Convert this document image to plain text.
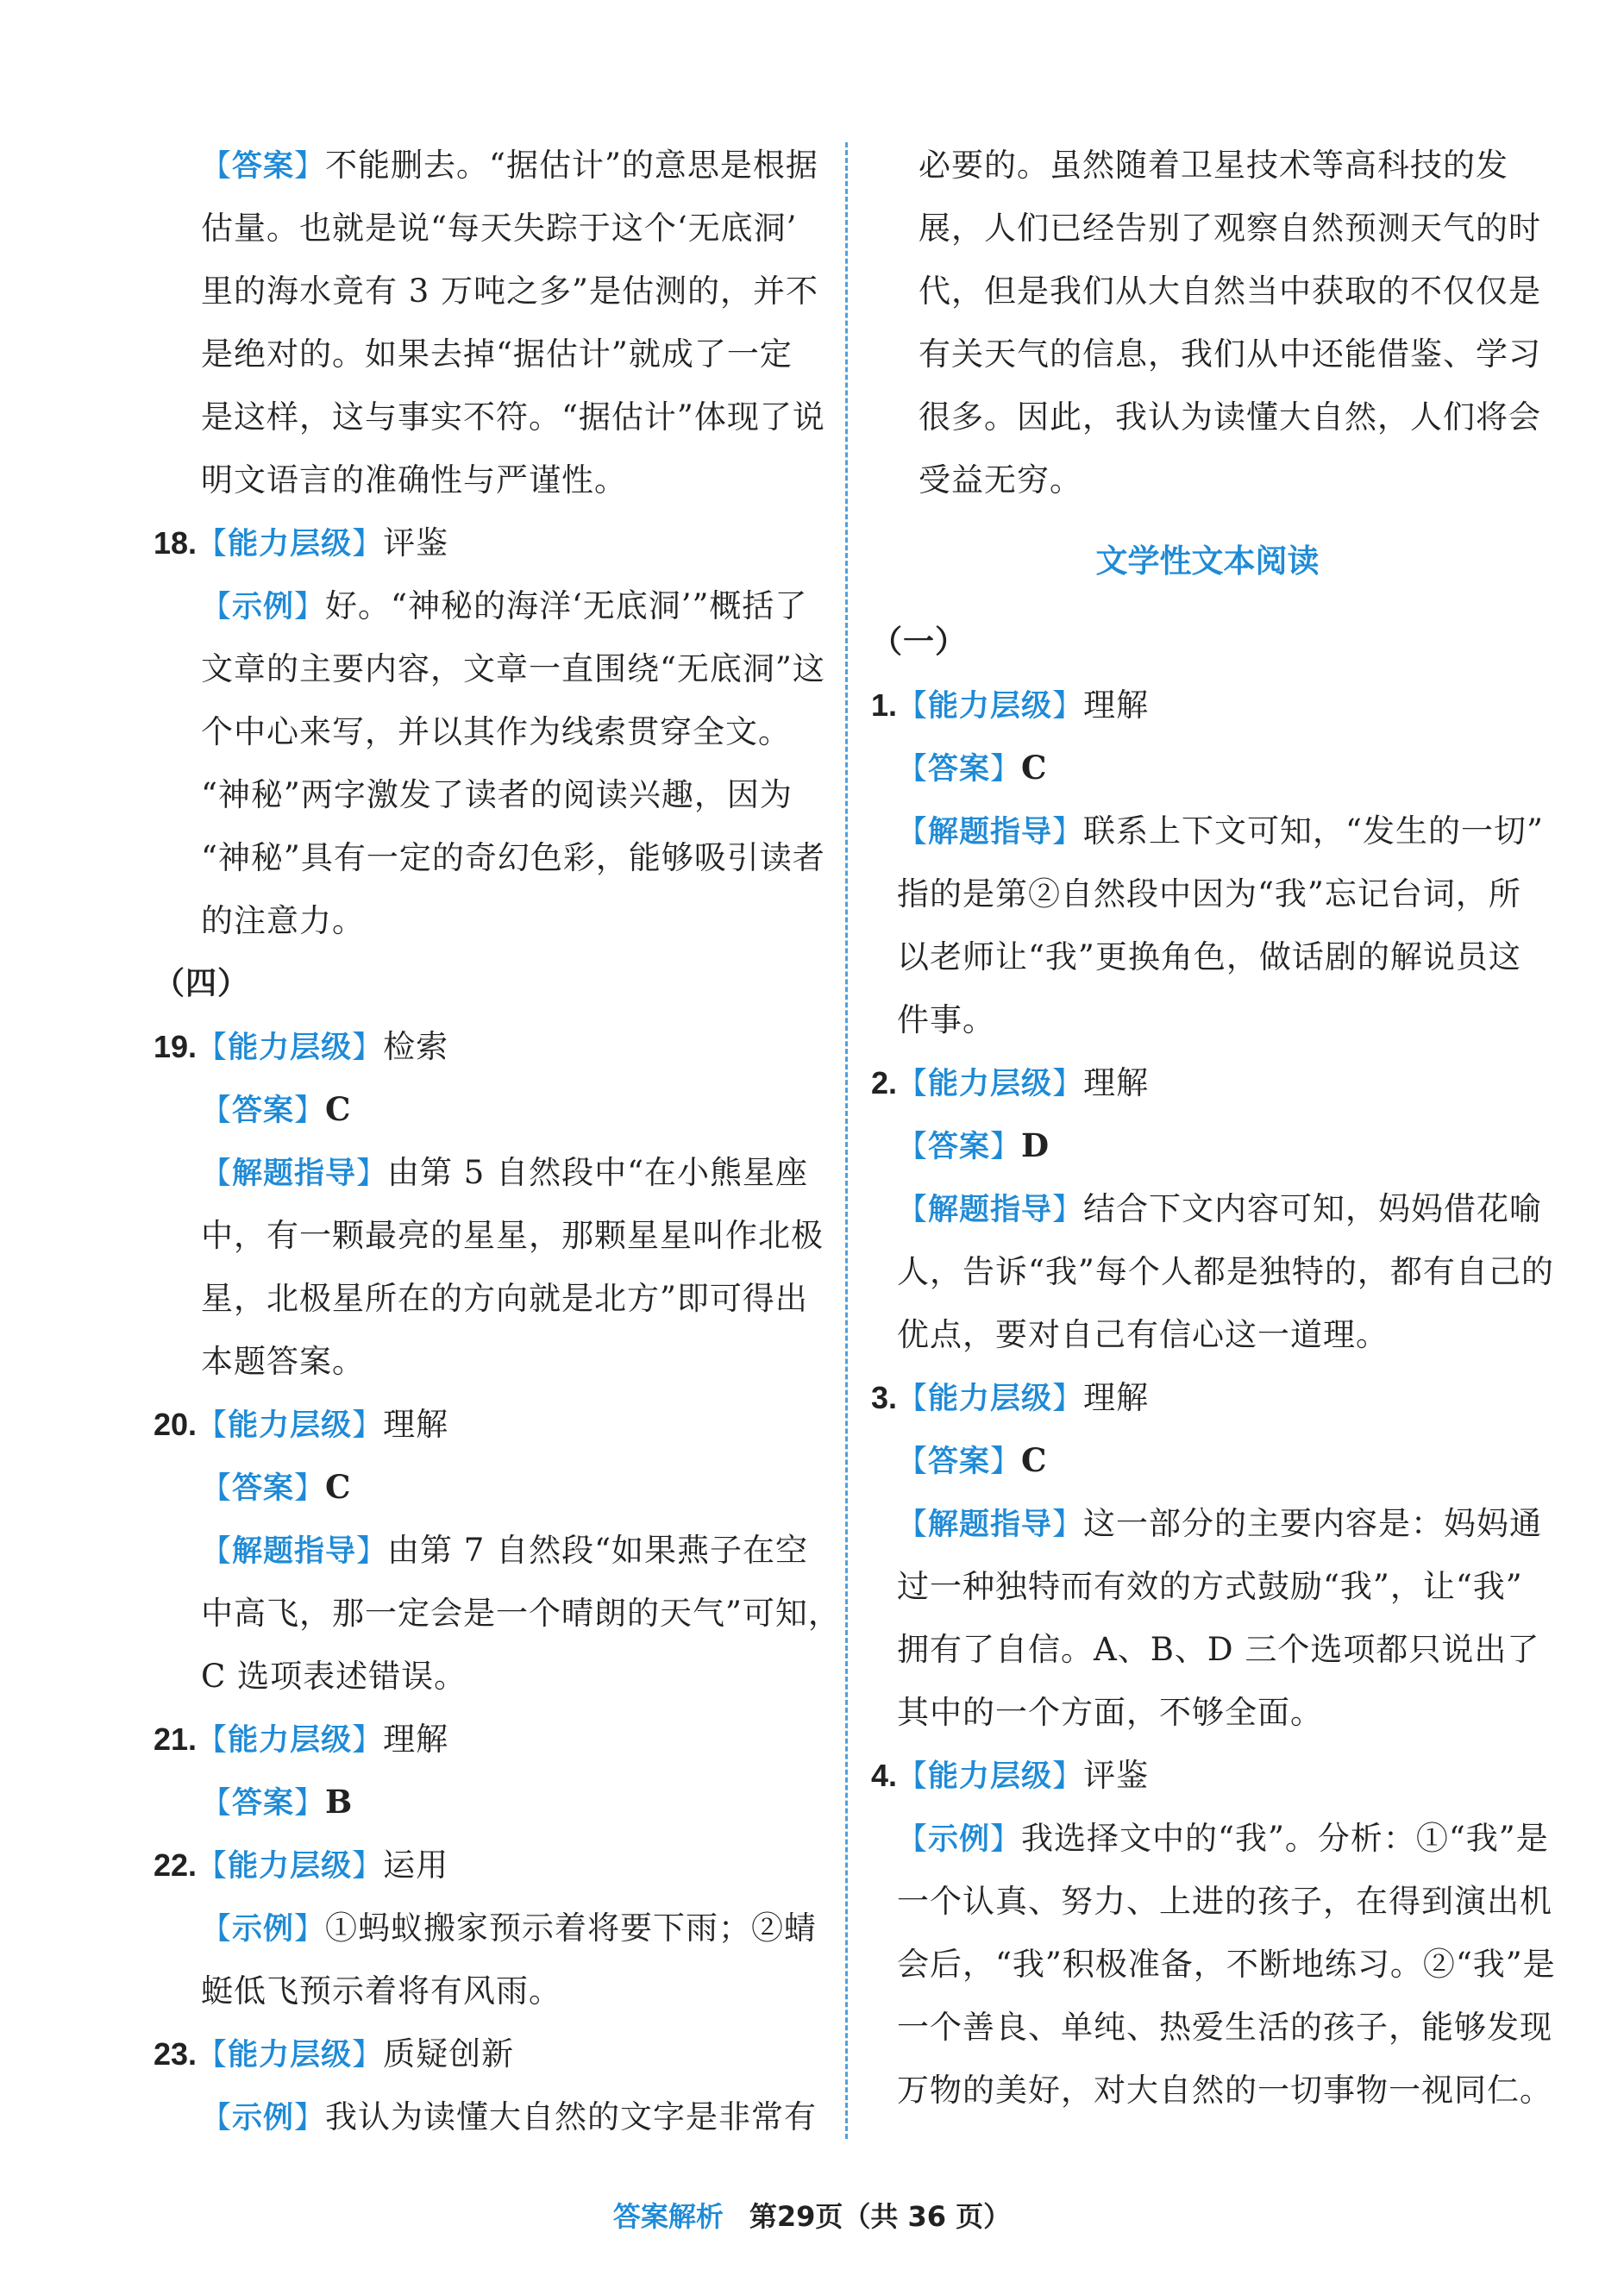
【答案】不能删去。“据估计”的意思是根据
估量。也就是说“每天失踪于这个‘无底洞’
里的海水竟有 3 万吨之多”是估测的，并不
是绝对的。如果去掉“据估计”就成了一定
是这样，这与事实不符。“据估计”体现了说
明文语言的准确性与严谨性。
18.【能力层级】评鉴
【示例】好。“神秘的海洋‘无底洞’”概括了
文章的主要内容，文章一直围绕“无底洞”这
个中心来写，并以其作为线索贯穿全文。
“神秘”两字激发了读者的阅读兴趣，因为
“神秘”具有一定的奇幻色彩，能够吸引读者
的注意力。
（四）
19.【能力层级】检索
【答案】C
【解题指导】由第 5 自然段中“在小熊星座
中，有一颗最亮的星星，那颗星星叫作北极
星，北极星所在的方向就是北方”即可得出
本题答案。
20.【能力层级】理解
【答案】C
【解题指导】由第 7 自然段“如果燕子在空
中高飞，那一定会是一个晴朗的天气”可知，
C 选项表述错误。
21.【能力层级】理解
【答案】B
22.【能力层级】运用
【示例】①蚂蚁搬家预示着将要下雨；②蜻
蜓低飞预示着将有风雨。
23.【能力层级】质疑创新
【示例】我认为读懂大自然的文字是非常有
必要的。虽然随着卫星技术等高科技的发
展，人们已经告别了观察自然预测天气的时
代，但是我们从大自然当中获取的不仅仅是
有关天气的信息，我们从中还能借鉴、学习
很多。因此，我认为读懂大自然，人们将会
受益无穷。
文学性文本阅读
（一）
1.【能力层级】理解
【答案】C
【解题指导】联系上下文可知，“发生的一切”
指的是第②自然段中因为“我”忘记台词，所
以老师让“我”更换角色，做话剧的解说员这
件事。
2.【能力层级】理解
【答案】D
【解题指导】结合下文内容可知，妈妈借花喻
人，告诉“我”每个人都是独特的，都有自己的
优点，要对自己有信心这一道理。
3.【能力层级】理解
【答案】C
【解题指导】这一部分的主要内容是：妈妈通
过一种独特而有效的方式鼓励“我”，让“我”
拥有了自信。A、B、D 三个选项都只说出了
其中的一个方面，不够全面。
4.【能力层级】评鉴
【示例】我选择文中的“我”。分析：①“我”是
一个认真、努力、上进的孩子，在得到演出机
会后，“我”积极准备，不断地练习。②“我”是
一个善良、单纯、热爱生活的孩子，能够发现
万物的美好，对大自然的一切事物一视同仁。
答案解析 第29页（共 36 页）
